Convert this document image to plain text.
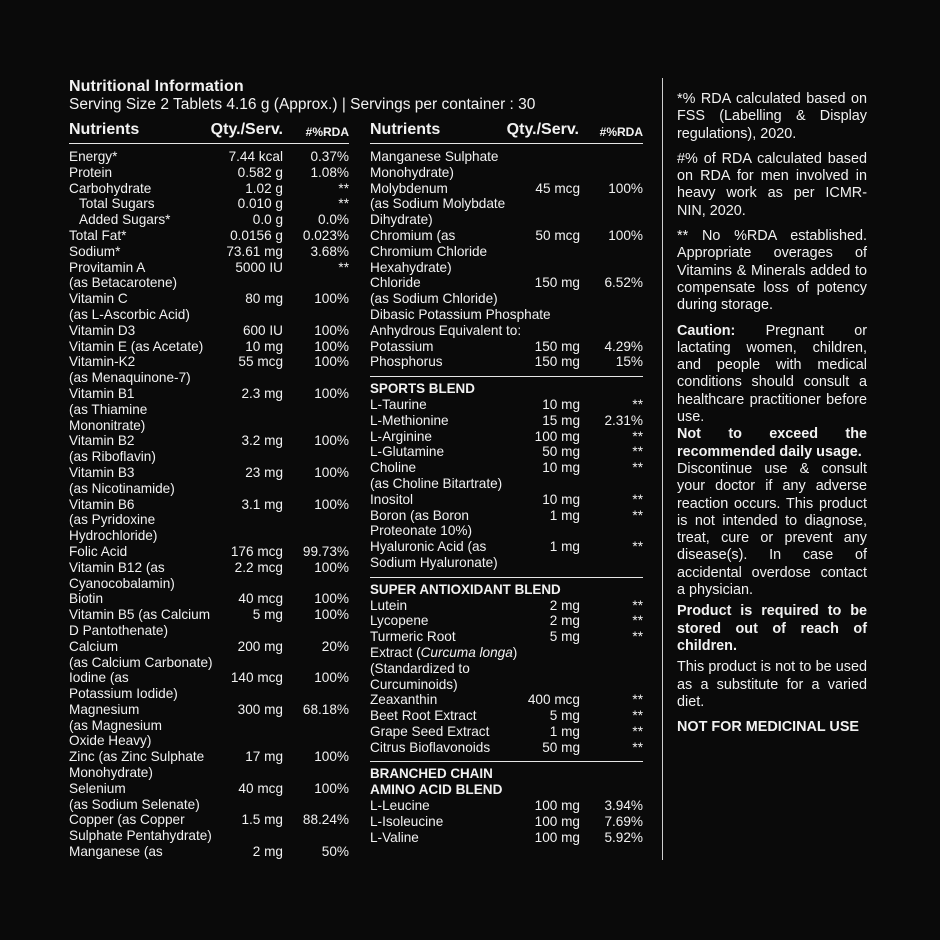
Nutritional Information
Serving Size 2 Tablets 4.16 g (Approx.) | Servings per container : 30
Nutrients	Qty./Serv.	#%RDA
Energy*	7.44 kcal 0.37%
Protein	0.582 g 1.08%
Carbohydrate	1.02 g	**
Total Sugars	0.010 g	**
Added Sugars*	0.0 g	0.0%
Total Fat*	0.0156 g 0.023%
Sodium*	73.61 mg 3.68%
Provitamin A	5000 IU	**
(as Betacarotene)
Vitamin C	80 mg 100%
(as L-Ascorbic Acid)
Vitamin D3	600 IU 100%
Vitamin E (as Acetate)	10 mg 100%
Vitamin-K2	55 mcg 100%
(as Menaquinone-7)
Vitamin B1	2.3 mg 100%
(as Thiamine
Mononitrate)
Vitamin B2	3.2 mg 100%
(as Riboflavin)
Vitamin B3	23 mg 100%
(as Nicotinamide)
Vitamin B6	3.1 mg 100%
(as Pyridoxine
Hydrochloride)
Folic Acid	176 mcg 99.73%
Vitamin B12 (as	2.2 mcg 100%
Cyanocobalamin)
Biotin	40 mcg 100%
Vitamin B5 (as Calcium	5 mg 100%
D Pantothenate)
Calcium	200 mg	20%
(as Calcium Carbonate)
Iodine (as	140 mcg 100%
Potassium Iodide)
Magnesium	300 mg 68.18%
(as Magnesium
Oxide Heavy)
Zinc (as Zinc Sulphate	17 mg 100%
Monohydrate)
Selenium	40 mcg 100%
(as Sodium Selenate)
Copper (as Copper	1.5 mg 88.24%
Sulphate Pentahydrate)
Manganese (as	2 mg	50%
Nutrients	Qty./Serv.	#%RDA
Manganese Sulphate
Monohydrate)
Molybdenum	45 mcg 100%
(as Sodium Molybdate
Dihydrate)
Chromium (as	50 mcg 100%
Chromium Chloride
Hexahydrate)
Chloride	150 mg 6.52%
(as Sodium Chloride)
Dibasic Potassium Phosphate
Anhydrous Equivalent to:
Potassium	150 mg 4.29%
Phosphorus	150 mg	15%
SPORTS BLEND
L-Taurine	10 mg	**
L-Methionine	15 mg 2.31%
L-Arginine	100 mg	**
L-Glutamine	50 mg	**
Choline	10 mg	**
(as Choline Bitartrate)
Inositol	10 mg	**
Boron (as Boron	1 mg	**
Proteonate 10%)
Hyaluronic Acid (as	1 mg	**
Sodium Hyaluronate)
SUPER ANTIOXIDANT BLEND
Lutein	2 mg	**
Lycopene	2 mg	**
Turmeric Root	5 mg	**
Extract (Curcuma longa)
(Standardized to
Curcuminoids)
Zeaxanthin	400 mcg	**
Beet Root Extract	5 mg	**
Grape Seed Extract	1 mg	**
Citrus Bioflavonoids	50 mg	**
BRANCHED CHAIN
AMINO ACID BLEND
L-Leucine	100 mg 3.94%
L-Isoleucine	100 mg 7.69%
L-Valine	100 mg 5.92%

*% RDA calculated based on FSS (Labelling & Display regulations), 2020.

#% of RDA calculated based on RDA for men involved in heavy work as per ICMR-NIN, 2020.

** No %RDA established. Appropriate overages of Vitamins & Minerals added to compensate loss of potency during storage.

Caution: Pregnant or lactating women, children, and people with medical conditions should consult a healthcare practitioner before use.

Not to exceed the recommended daily usage.

Discontinue use & consult your doctor if any adverse reaction occurs. This product is not intended to diagnose, treat, cure or prevent any disease(s). In case of accidental overdose contact a physician.

Product is required to be stored out of reach of children.

This product is not to be used as a substitute for a varied diet.

NOT FOR MEDICINAL USE
